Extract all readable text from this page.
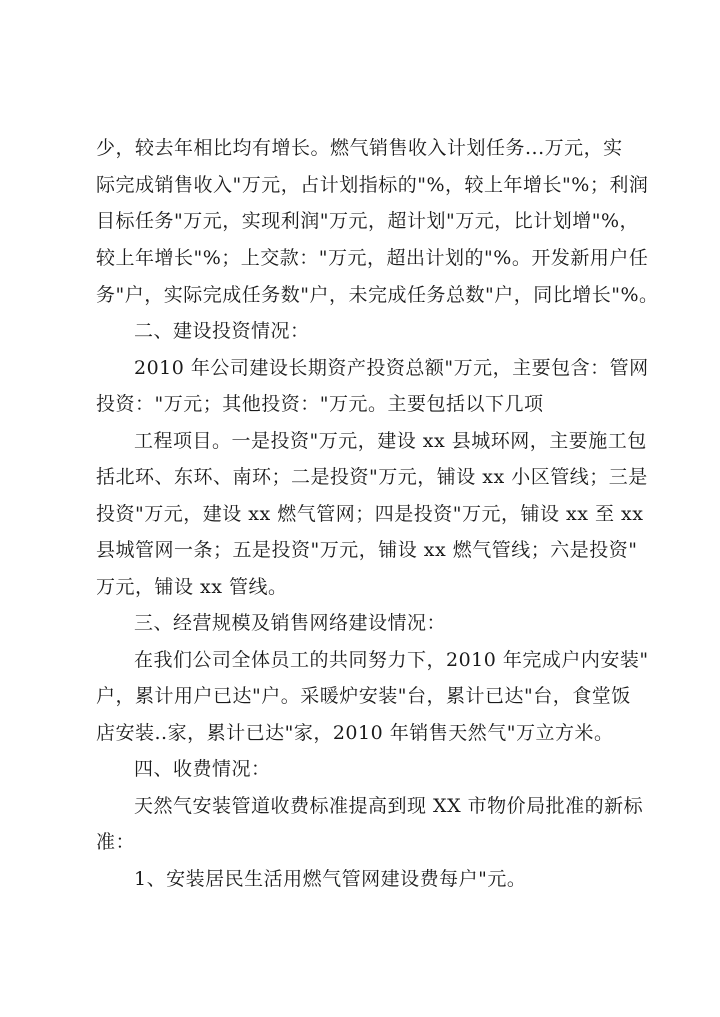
少，较去年相比均有增长。燃气销售收入计划任务...万元，实
际完成销售收入"万元，占计划指标的"%，较上年增长"%；利润
目标任务"万元，实现利润"万元，超计划"万元，比计划增"%，
较上年增长"%；上交款："万元，超出计划的"%。开发新用户任
务"户，实际完成任务数"户，未完成任务总数"户，同比增长"%。
二、建设投资情况：
2010 年公司建设长期资产投资总额"万元，主要包含：管网
投资："万元；其他投资："万元。主要包括以下几项
工程项目。一是投资"万元，建设 xx 县城环网，主要施工包
括北环、东环、南环；二是投资"万元，铺设 xx 小区管线；三是
投资"万元，建设 xx 燃气管网；四是投资"万元，铺设 xx 至 xx
县城管网一条；五是投资"万元，铺设 xx 燃气管线；六是投资"
万元，铺设 xx 管线。
三、经营规模及销售网络建设情况：
在我们公司全体员工的共同努力下，2010 年完成户内安装"
户，累计用户已达"户。采暖炉安装"台，累计已达"台，食堂饭
店安装..家，累计已达"家，2010 年销售天然气"万立方米。
四、收费情况：
天然气安装管道收费标准提高到现 XX 市物价局批准的新标
准：
1、安装居民生活用燃气管网建设费每户"元。
